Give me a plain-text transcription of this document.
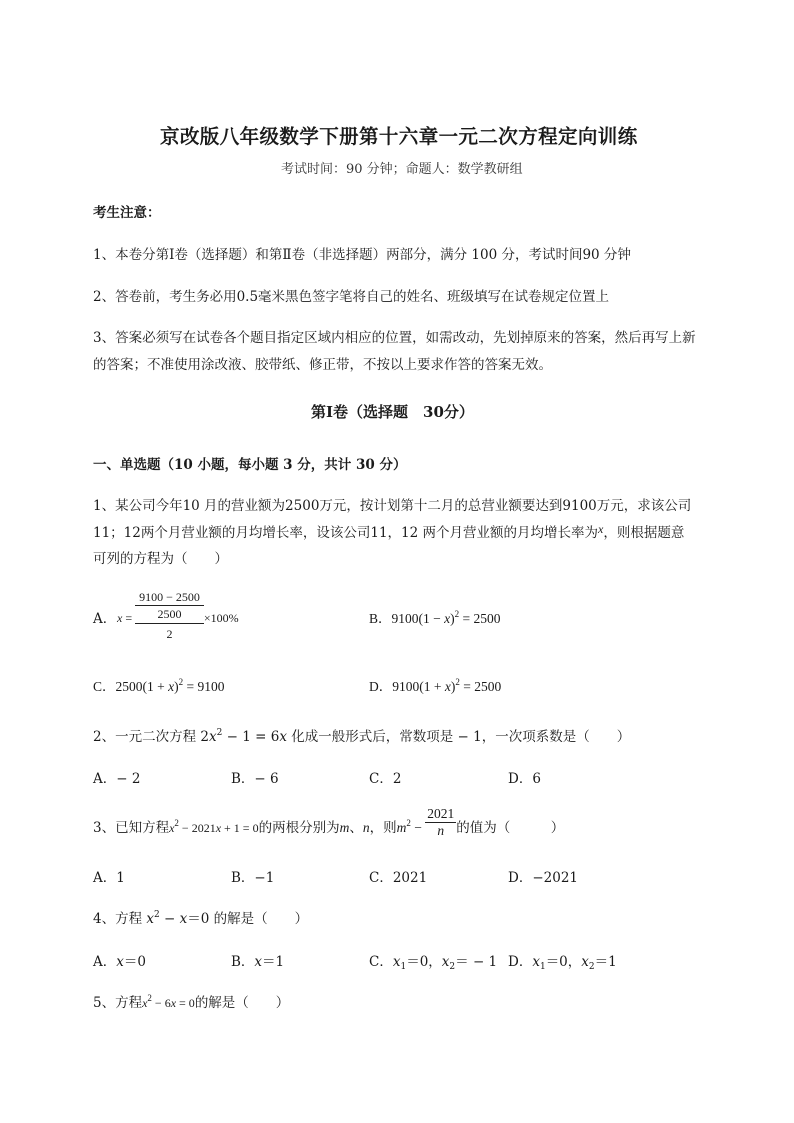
京改版八年级数学下册第十六章一元二次方程定向训练
考试时间：90 分钟；命题人：数学教研组
考生注意：
1、本卷分第Ⅰ卷（选择题）和第Ⅱ卷（非选择题）两部分，满分 100 分，考试时间90 分钟
2、答卷前，考生务必用0.5毫米黑色签字笔将自己的姓名、班级填写在试卷规定位置上
3、答案必须写在试卷各个题目指定区域内相应的位置，如需改动，先划掉原来的答案，然后再写上新
的答案；不准使用涂改液、胶带纸、修正带，不按以上要求作答的答案无效。
第Ⅰ卷（选择题　30分）
一、单选题（10 小题，每小题 3 分，共计 30 分）
1、某公司今年10 月的营业额为2500万元，按计划第十二月的总营业额要达到9100万元，求该公司
11；12两个月营业额的月均增长率，设该公司11，12 两个月营业额的月均增长率为x，则根据题意
可列的方程为（　　）
A． x =
9100 − 2500
2500
2
×100%	B．$9100(1 - x)^2 = 2500$
C．$2500(1 + x)^2 = 9100$	D．$9100(1 + x)^2 = 2500$
2、一元二次方程 $2x^2 - 1 = 6x$ 化成一般形式后，常数项是 − 1，一次项系数是（　　）
A．− 2	B．− 6	C．2	D．6
3、已知方程$x^2 - 2021x + 1 = 0$的两根分别为m、n，则$m^2 - \frac{2021}{n}$ 的值为（　　　）
A．1	B．−1	C．2021	D．−2021
4、方程 $x^2 - x=0$ 的解是（　　）
A．x＝0	B．x＝1	C．$x_1=0$，$x_2= - 1$ D．$x_1=0$，$x_2=1$
5、方程$x^2 - 6x = 0$的解是（　　）
